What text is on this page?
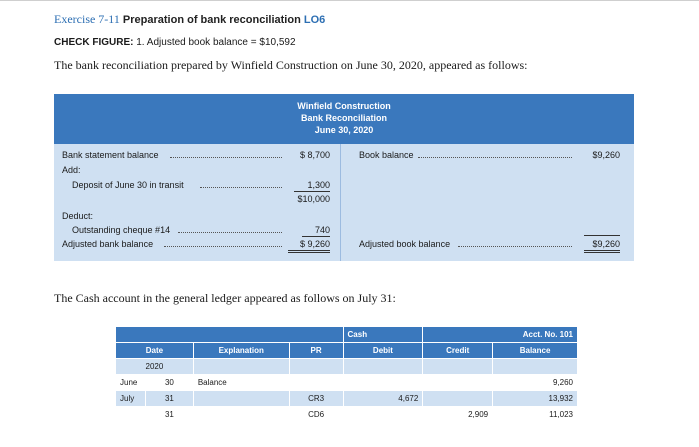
Exercise 7-11 Preparation of bank reconciliation LO6
CHECK FIGURE: 1. Adjusted book balance = $10,592
The bank reconciliation prepared by Winfield Construction on June 30, 2020, appeared as follows:
Winfield Construction
Bank Reconciliation
June 30, 2020
Bank statement balance	$ 8,700
Add:
Deposit of June 30 in transit	1,300
$10,000
Deduct:
Outstanding cheque #14	740
Adjusted bank balance	$ 9,260
Book balance	$9,260
Adjusted book balance	$9,260
The Cash account in the general ledger appeared as follows on July 31:
				Cash	Acct. No. 101	
Date		Explanation	PR	Debit	Credit	Balance
2020						
June	30	Balance				9,260
July	31		CR3	4,672		13,932
	31		CD6		2,909	11,023
